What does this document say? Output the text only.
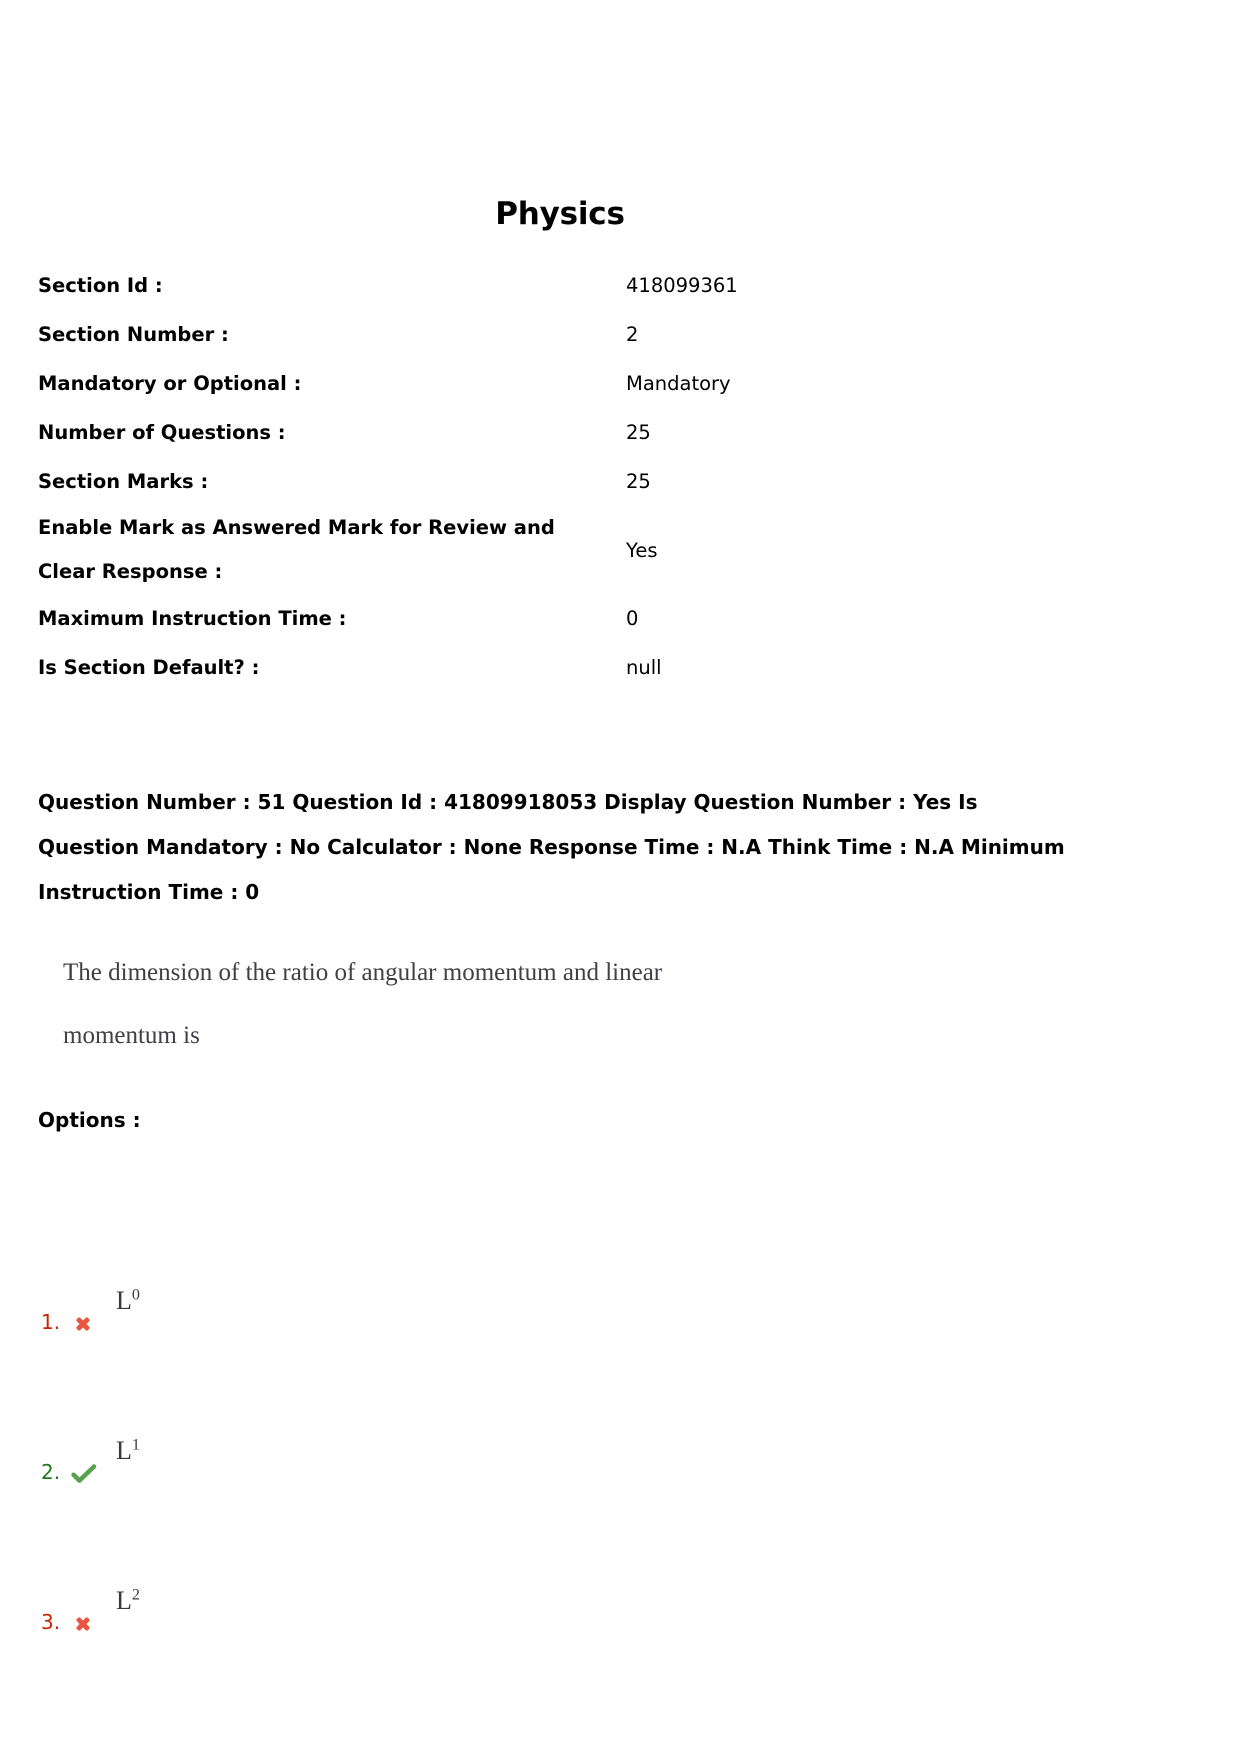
Physics
Section Id :	418099361
Section Number :	2
Mandatory or Optional :	Mandatory
Number of Questions :	25
Section Marks :	25
Enable Mark as Answered Mark for Review and
Clear Response :	Yes
Maximum Instruction Time :	0
Is Section Default? :	null
Question Number : 51 Question Id : 41809918053 Display Question Number : Yes Is Question Mandatory : No Calculator : None Response Time : N.A Think Time : N.A Minimum Instruction Time : 0
The dimension of the ratio of angular momentum and linear
momentum is
Options :
1.
$L^0$
2.
$L^1$
3.
$L^2$
